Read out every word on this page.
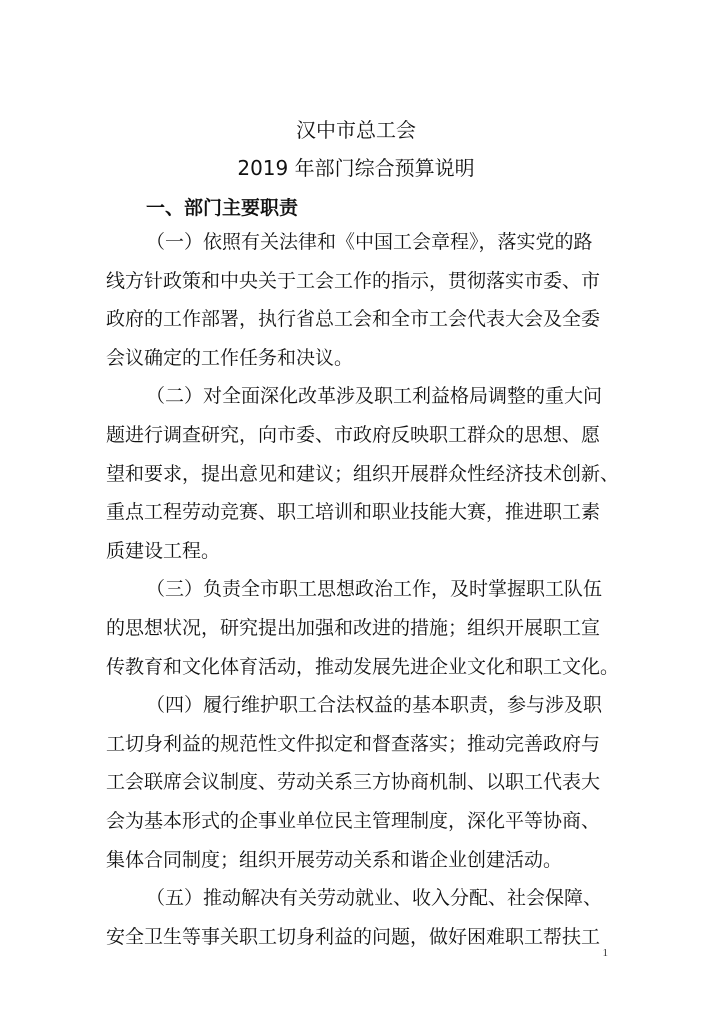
汉中市总工会
2019 年部门综合预算说明
一、部门主要职责
（一）依照有关法律和《中国工会章程》，落实党的路
线方针政策和中央关于工会工作的指示，贯彻落实市委、市
政府的工作部署，执行省总工会和全市工会代表大会及全委
会议确定的工作任务和决议。
（二）对全面深化改革涉及职工利益格局调整的重大问
题进行调查研究，向市委、市政府反映职工群众的思想、愿
望和要求，提出意见和建议；组织开展群众性经济技术创新、
重点工程劳动竞赛、职工培训和职业技能大赛，推进职工素
质建设工程。
（三）负责全市职工思想政治工作，及时掌握职工队伍
的思想状况，研究提出加强和改进的措施；组织开展职工宣
传教育和文化体育活动，推动发展先进企业文化和职工文化。
（四）履行维护职工合法权益的基本职责，参与涉及职
工切身利益的规范性文件拟定和督查落实；推动完善政府与
工会联席会议制度、劳动关系三方协商机制、以职工代表大
会为基本形式的企事业单位民主管理制度，深化平等协商、
集体合同制度；组织开展劳动关系和谐企业创建活动。
（五）推动解决有关劳动就业、收入分配、社会保障、
安全卫生等事关职工切身利益的问题，做好困难职工帮扶工
1
